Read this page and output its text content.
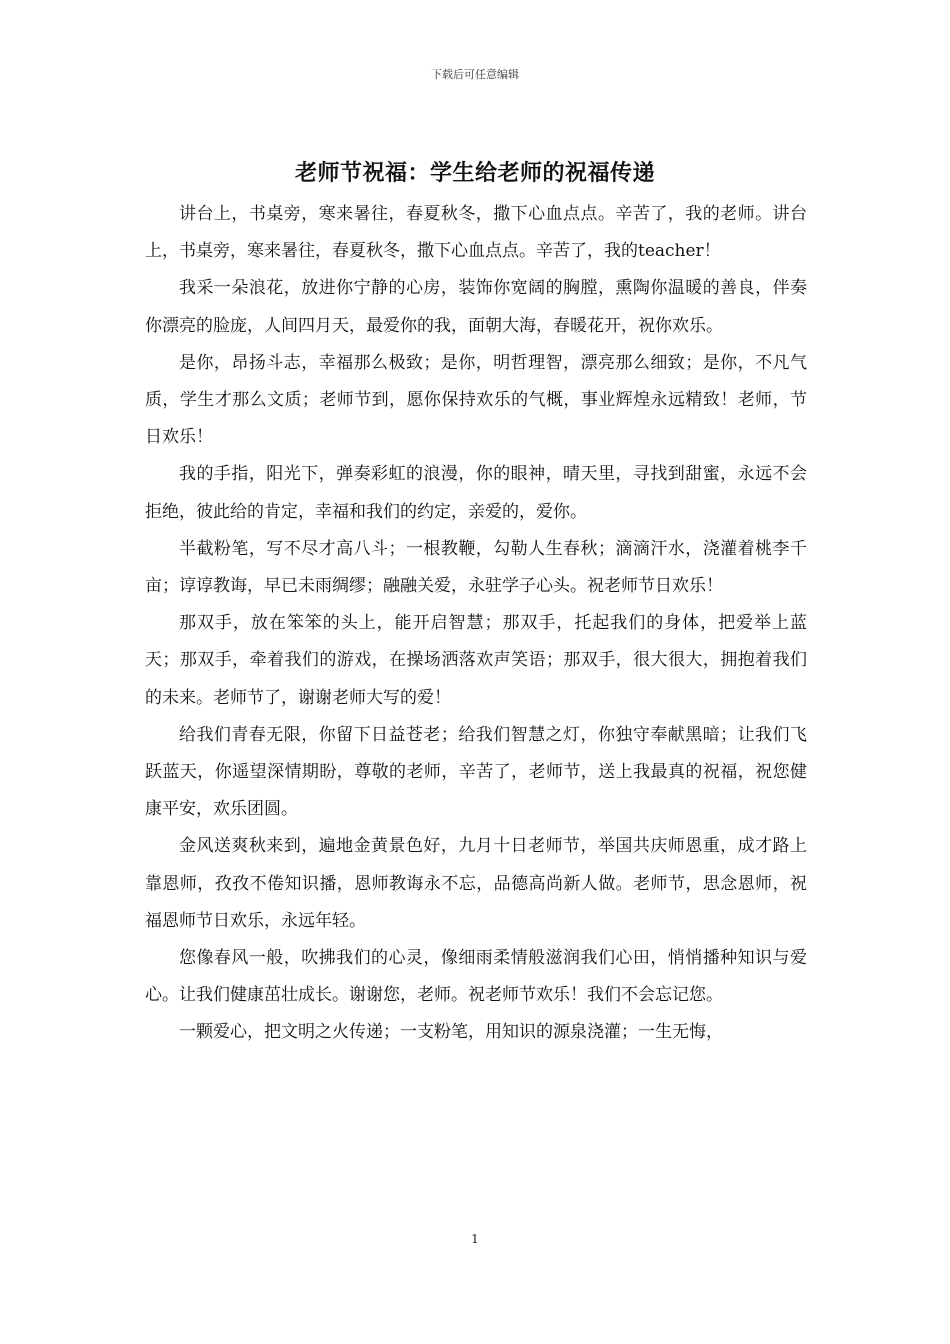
下载后可任意编辑
老师节祝福：学生给老师的祝福传递

讲台上，书桌旁，寒来暑往，春夏秋冬，撒下心血点点。辛苦了，我的老师。讲台上，书桌旁，寒来暑往，春夏秋冬，撒下心血点点。辛苦了，我的teacher！

我采一朵浪花，放进你宁静的心房，装饰你宽阔的胸膛，熏陶你温暖的善良，伴奏你漂亮的脸庞，人间四月天，最爱你的我，面朝大海，春暖花开，祝你欢乐。

是你，昂扬斗志，幸福那么极致；是你，明哲理智，漂亮那么细致；是你，不凡气质，学生才那么文质；老师节到，愿你保持欢乐的气概，事业辉煌永远精致！老师，节日欢乐！

我的手指，阳光下，弹奏彩虹的浪漫，你的眼神，晴天里，寻找到甜蜜，永远不会拒绝，彼此给的肯定，幸福和我们的约定，亲爱的，爱你。

半截粉笔，写不尽才高八斗；一根教鞭，勾勒人生春秋；滴滴汗水，浇灌着桃李千亩；谆谆教诲，早已未雨绸缪；融融关爱，永驻学子心头。祝老师节日欢乐！

那双手，放在笨笨的头上，能开启智慧；那双手，托起我们的身体，把爱举上蓝天；那双手，牵着我们的游戏，在操场洒落欢声笑语；那双手，很大很大，拥抱着我们的未来。老师节了，谢谢老师大写的爱！

给我们青春无限，你留下日益苍老；给我们智慧之灯，你独守奉献黑暗；让我们飞跃蓝天，你遥望深情期盼，尊敬的老师，辛苦了，老师节，送上我最真的祝福，祝您健康平安，欢乐团圆。

金风送爽秋来到，遍地金黄景色好，九月十日老师节，举国共庆师恩重，成才路上靠恩师，孜孜不倦知识播，恩师教诲永不忘，品德高尚新人做。老师节，思念恩师，祝福恩师节日欢乐，永远年轻。

您像春风一般，吹拂我们的心灵，像细雨柔情般滋润我们心田，悄悄播种知识与爱心。让我们健康茁壮成长。谢谢您，老师。祝老师节欢乐！我们不会忘记您。

一颗爱心，把文明之火传递；一支粉笔，用知识的源泉浇灌；一生无悔，

1
